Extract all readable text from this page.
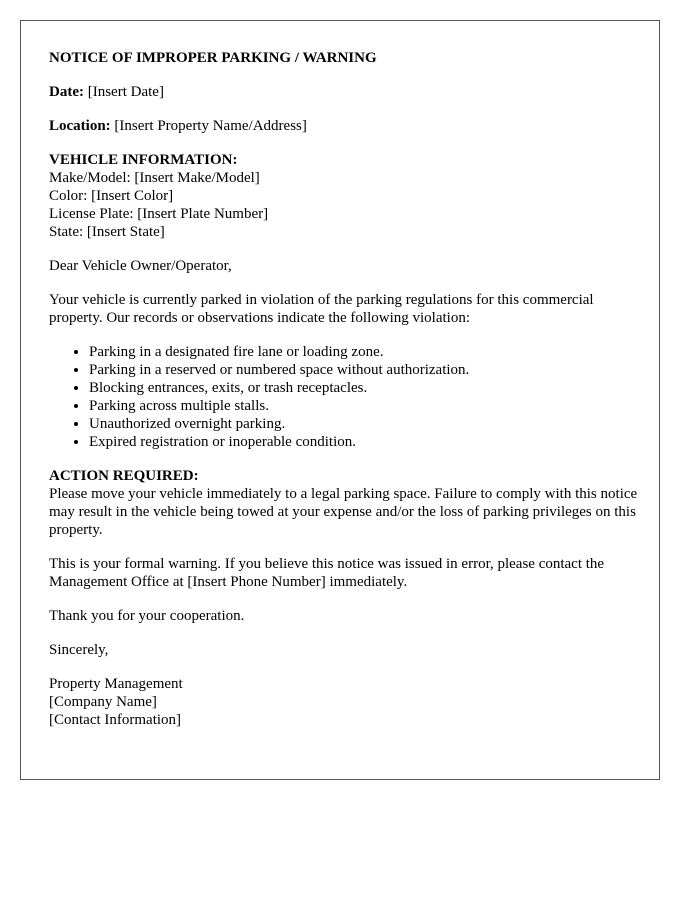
NOTICE OF IMPROPER PARKING / WARNING

Date: [Insert Date]

Location: [Insert Property Name/Address]

VEHICLE INFORMATION:
Make/Model: [Insert Make/Model]
Color: [Insert Color]
License Plate: [Insert Plate Number]
State: [Insert State]

Dear Vehicle Owner/Operator,

Your vehicle is currently parked in violation of the parking regulations for this commercial property. Our records or observations indicate the following violation:

• Parking in a designated fire lane or loading zone.
• Parking in a reserved or numbered space without authorization.
• Blocking entrances, exits, or trash receptacles.
• Parking across multiple stalls.
• Unauthorized overnight parking.
• Expired registration or inoperable condition.

ACTION REQUIRED:
Please move your vehicle immediately to a legal parking space. Failure to comply with this notice may result in the vehicle being towed at your expense and/or the loss of parking privileges on this property.

This is your formal warning. If you believe this notice was issued in error, please contact the Management Office at [Insert Phone Number] immediately.

Thank you for your cooperation.

Sincerely,

Property Management
[Company Name]
[Contact Information]
